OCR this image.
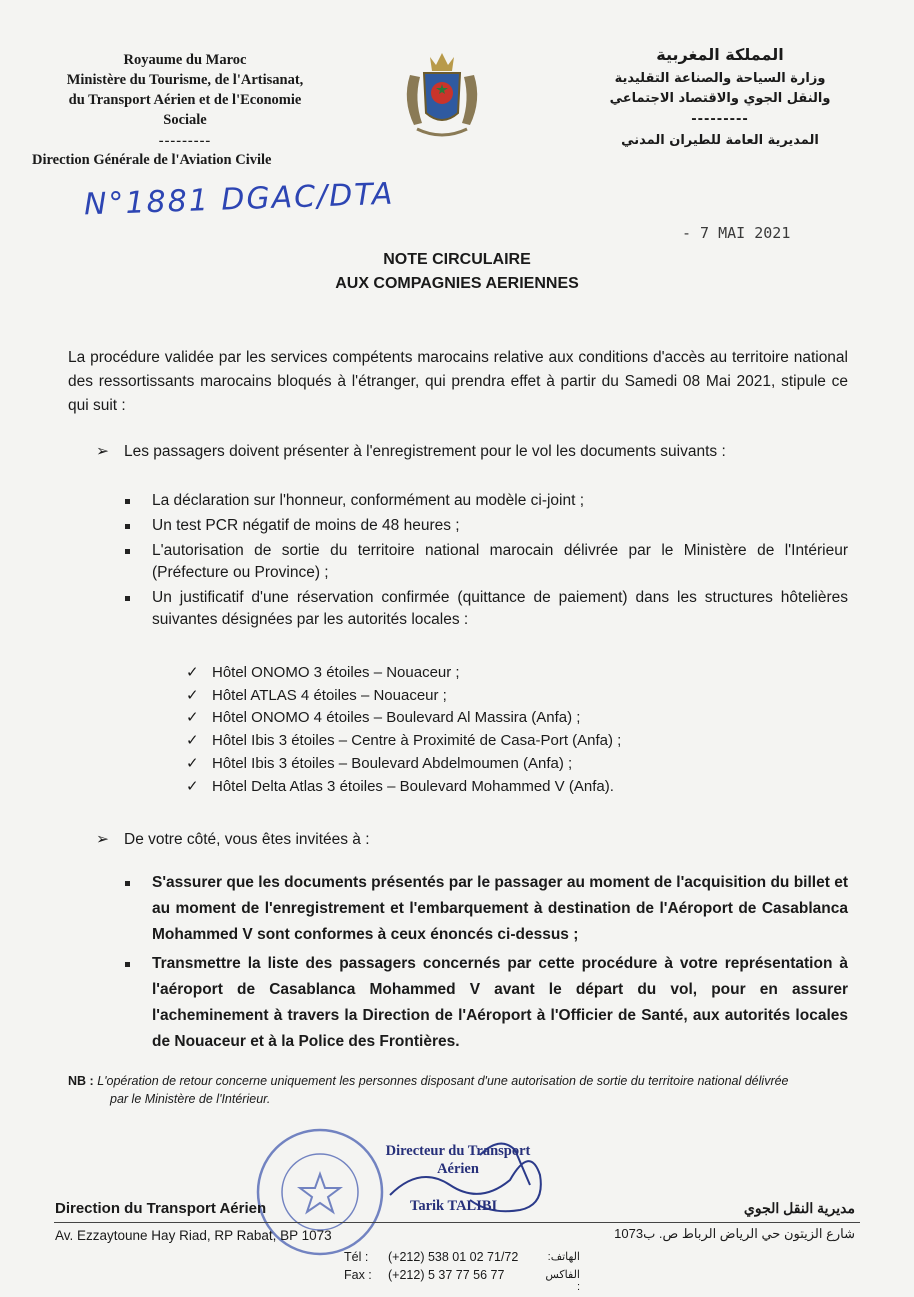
Royaume du Maroc
Ministère du Tourisme, de l'Artisanat,
du Transport Aérien et de l'Economie
Sociale
---------
Direction Générale de l'Aviation Civile
المملكة المغربية
وزارة السياحة والصناعة التقليدية
والنقل الجوي والاقتصاد الاجتماعي
---------
المديرية العامة للطيران المدني
N°1881 DGAC/DTA
- 7 MAI 2021
NOTE CIRCULAIRE
AUX COMPAGNIES AERIENNES
La procédure validée par les services compétents marocains relative aux conditions d'accès au territoire national des ressortissants marocains bloqués à l'étranger, qui prendra effet à partir du Samedi 08 Mai 2021, stipule ce qui suit :
➢ Les passagers doivent présenter à l'enregistrement pour le vol les documents suivants :
La déclaration sur l'honneur, conformément au modèle ci-joint ;
Un test PCR négatif de moins de 48 heures ;
L'autorisation de sortie du territoire national marocain délivrée par le Ministère de l'Intérieur (Préfecture ou Province) ;
Un justificatif d'une réservation confirmée (quittance de paiement) dans les structures hôtelières suivantes désignées par les autorités locales :
✓ Hôtel ONOMO 3 étoiles – Nouaceur ;
✓ Hôtel ATLAS 4 étoiles – Nouaceur ;
✓ Hôtel ONOMO 4 étoiles – Boulevard Al Massira (Anfa) ;
✓ Hôtel Ibis 3 étoiles – Centre à Proximité de Casa-Port (Anfa) ;
✓ Hôtel Ibis 3 étoiles – Boulevard Abdelmoumen (Anfa) ;
✓ Hôtel Delta Atlas 3 étoiles – Boulevard Mohammed V (Anfa).
➢ De votre côté, vous êtes invitées à :
S'assurer que les documents présentés par le passager au moment de l'acquisition du billet et au moment de l'enregistrement et l'embarquement à destination de l'Aéroport de Casablanca Mohammed V sont conformes à ceux énoncés ci-dessus ;
Transmettre la liste des passagers concernés par cette procédure à votre représentation à l'aéroport de Casablanca Mohammed V avant le départ du vol, pour en assurer l'acheminement à travers la Direction de l'Aéroport à l'Officier de Santé, aux autorités locales de Nouaceur et à la Police des Frontières.
NB : L'opération de retour concerne uniquement les personnes disposant d'une autorisation de sortie du territoire national délivrée
par le Ministère de l'Intérieur.
Directeur du Transport
Aérien
Tarik TALIBI
Direction du Transport Aérien	مديرية النقل الجوي
Av. Ezzaytoune Hay Riad, RP Rabat, BP 1073	شارع الزيتون حي الرياض الرباط ص. ب1073
Tél : (+212) 538 01 02 71/72	الهاتف:
Fax : (+212) 5 37 77 56 77	الفاكس :
